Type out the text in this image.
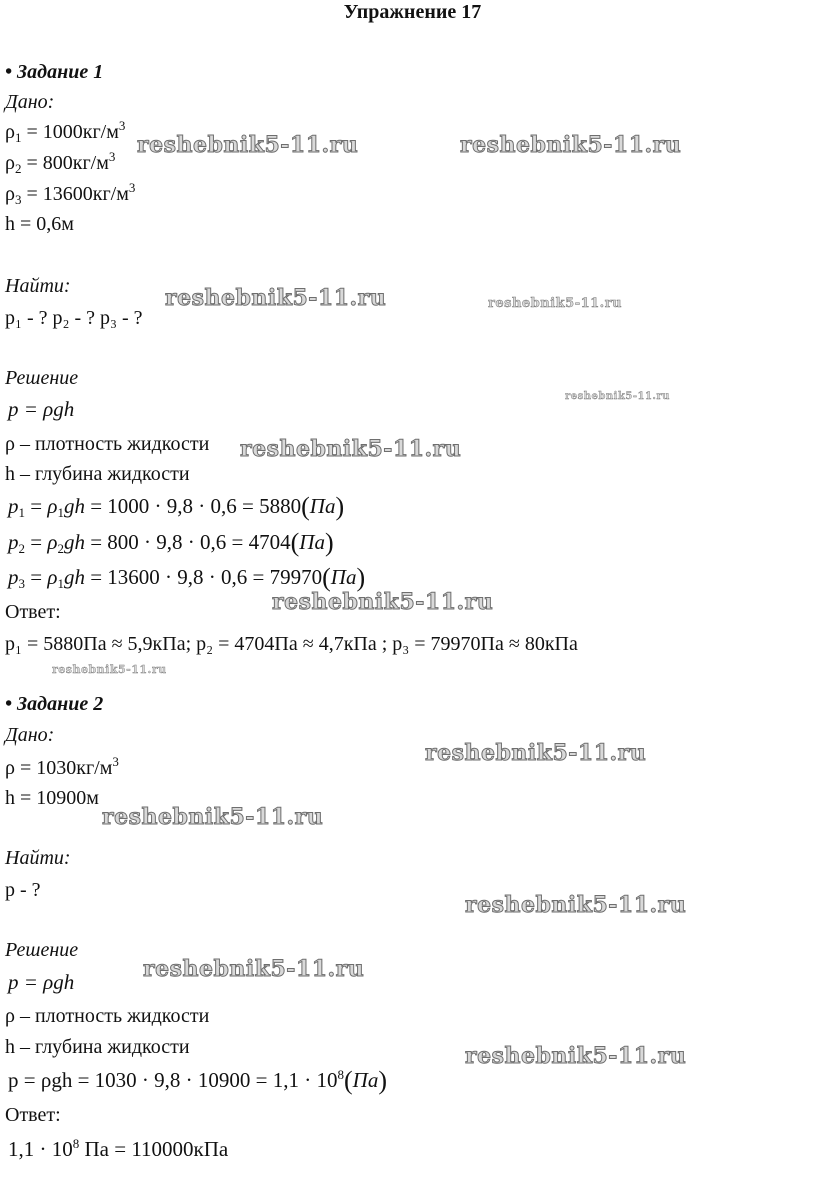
Упражнение 17
• Задание 1
Дано:
$\rho_1 = 1000кг/м^3$
$\rho_2 = 800кг/м^3$
$\rho_3 = 13600кг/м^3$
h = 0,6м
Найти:
p₁ - ? p₂ - ? p₃ - ?
Решение
p = ρgh
ρ – плотность жидкости
h – глубина жидкости
$p_1 = \rho_1gh = 1000 \cdot 9,8 \cdot 0,6 = 5880(Па)$
$p_2 = \rho_2gh = 800 \cdot 9,8 \cdot 0,6 = 4704(Па)$
$p_3 = \rho_1gh = 13600 \cdot 9,8 \cdot 0,6 = 79970(Па)$
Ответ:
p₁ = 5880Па ≈ 5,9кПа; p₂ = 4704Па ≈ 4,7кПа ; p₃ = 79970Па ≈ 80кПа
• Задание 2
Дано:
$\rho = 1030кг/м^3$
h = 10900м
Найти:
p - ?
Решение
p = ρgh
ρ – плотность жидкости
h – глубина жидкости
$p = \rho gh = 1030 \cdot 9,8 \cdot 10900 = 1,1 \cdot 10^8(Па)$
Ответ:
$1,1 \cdot 10^8$ Па = 110000кПа
reshebnik5-11.ru	reshebnik5-11.ru
reshebnik5-11.ru	reshebnik5-11.ru
reshebnik5-11.ru
reshebnik5-11.ru
reshebnik5-11.ru
reshebnik5-11.ru
reshebnik5-11.ru
reshebnik5-11.ru
reshebnik5-11.ru
reshebnik5-11.ru
reshebnik5-11.ru
